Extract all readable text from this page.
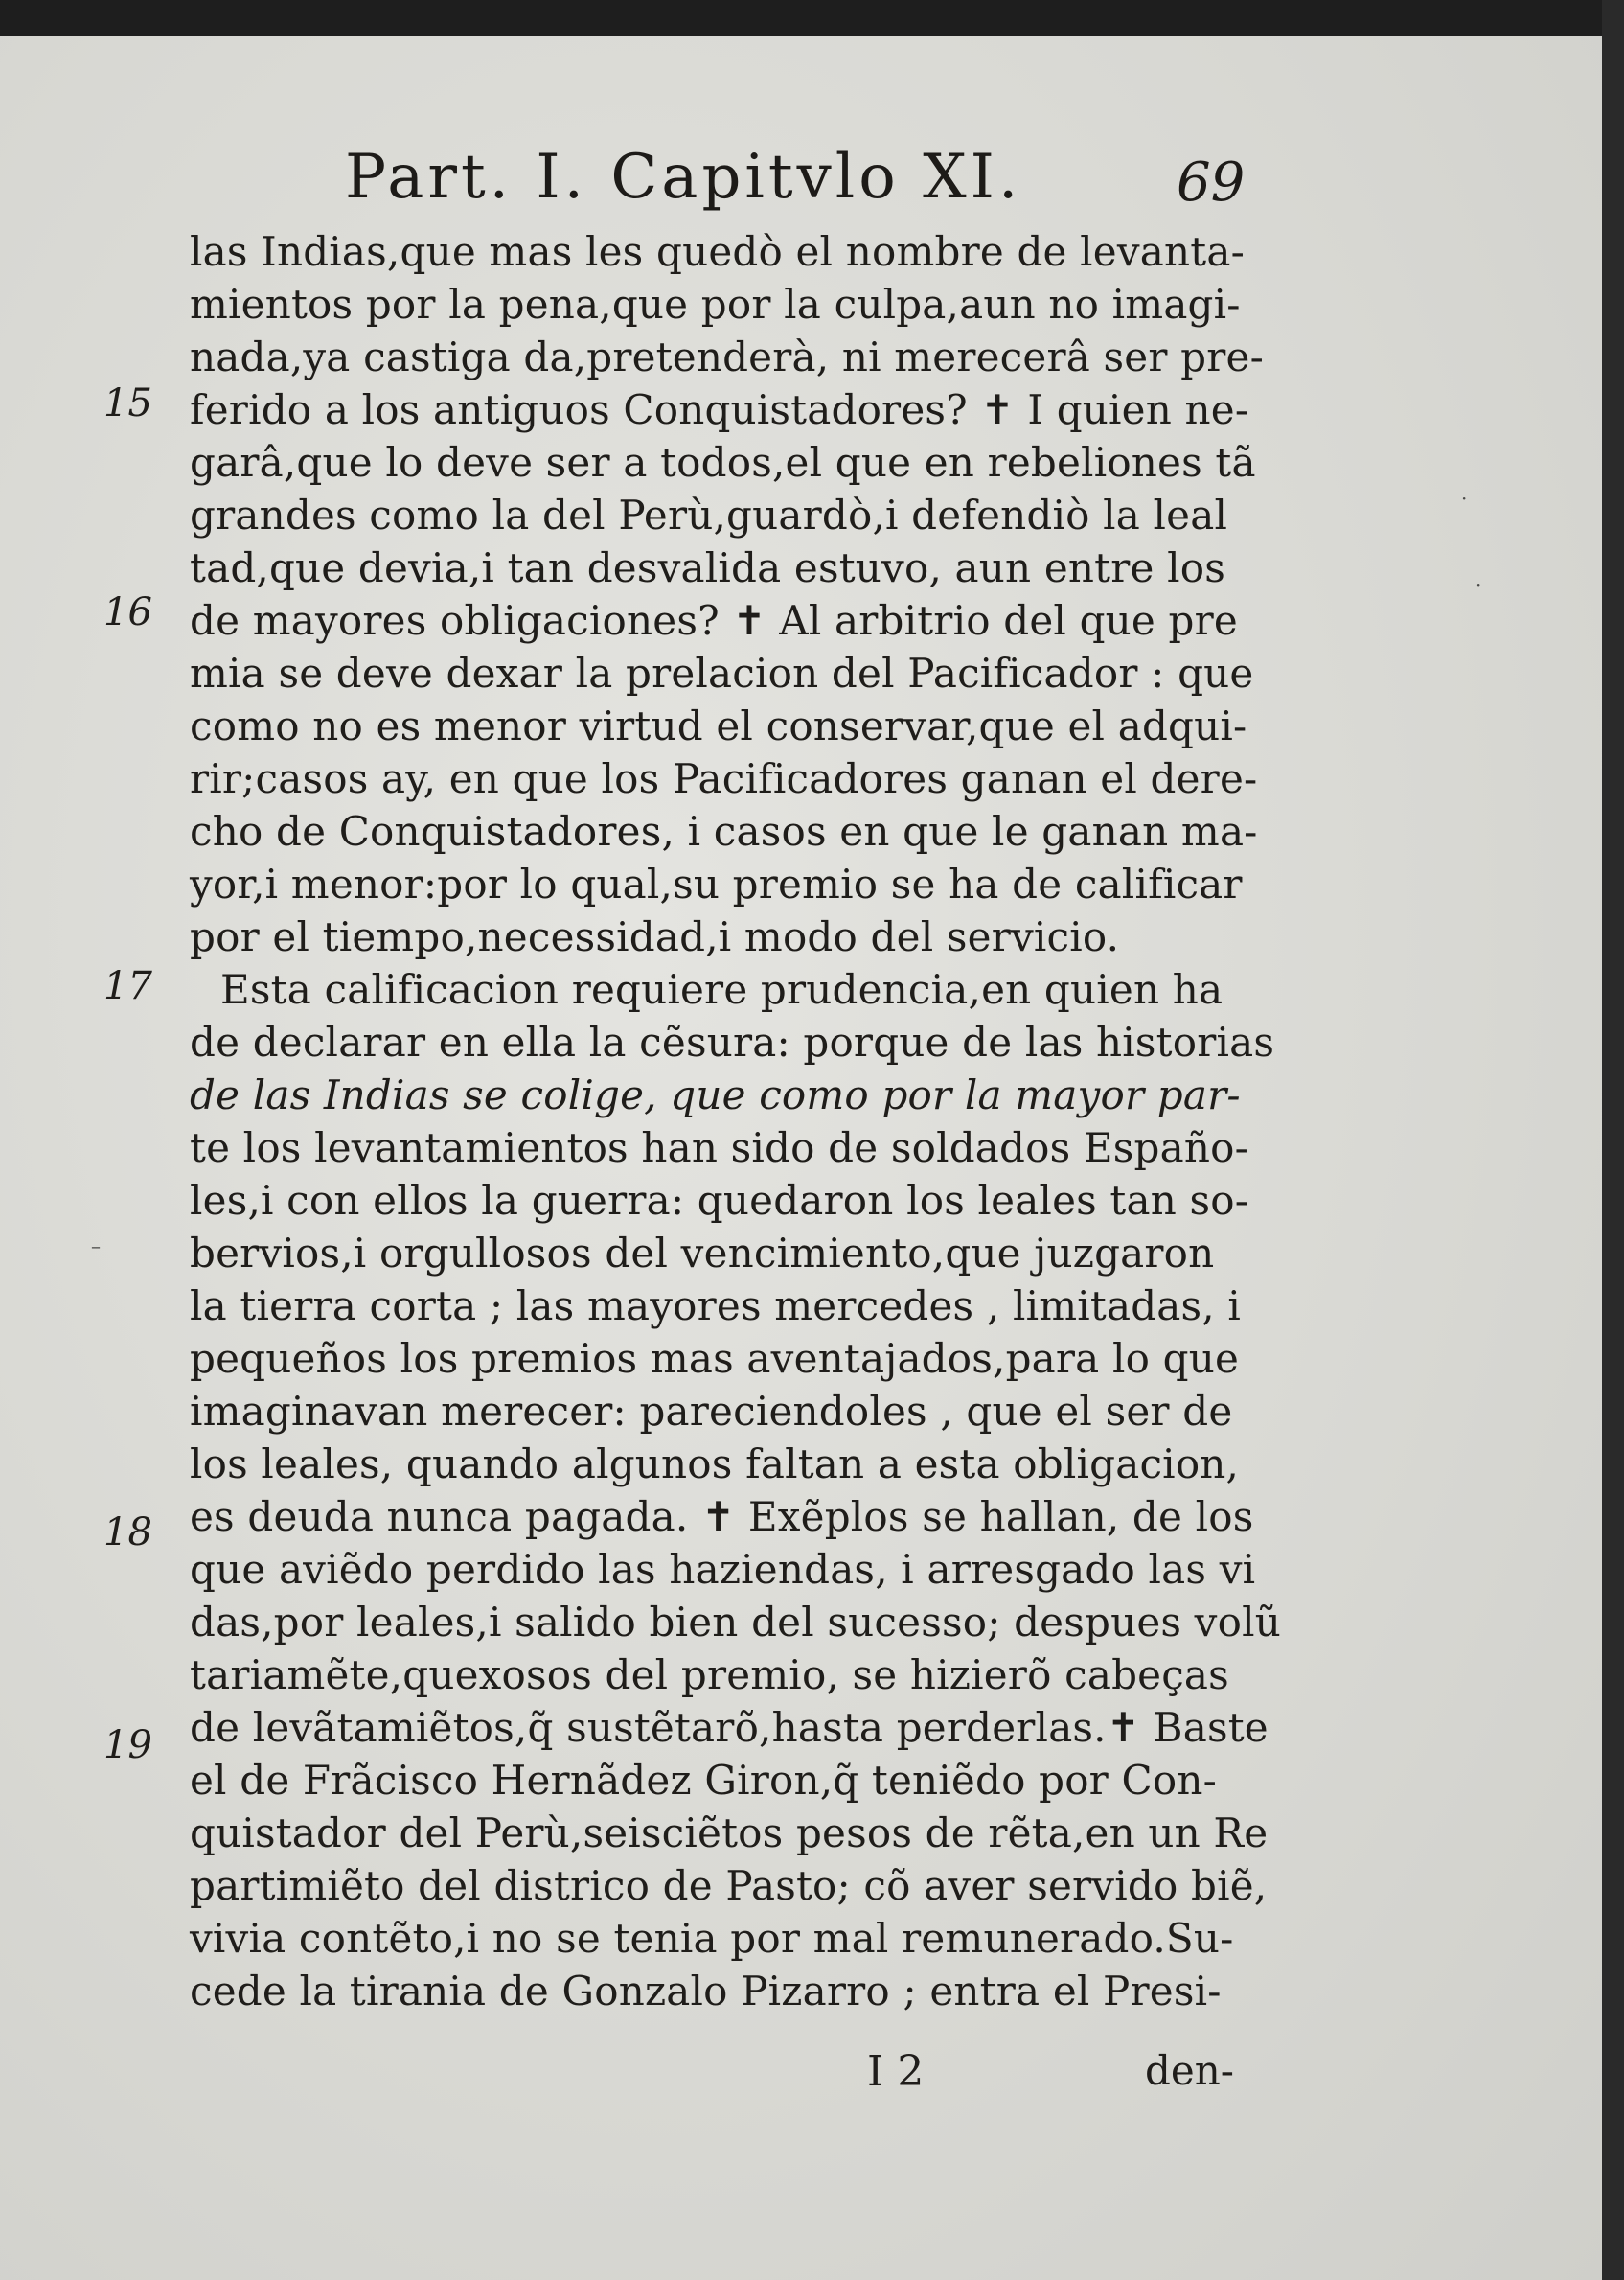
Part. I. Capitvlo XI.	69
15
16
17
18
19
las Indias,que mas les quedò el nombre de levanta-
mientos por la pena,que por la culpa,aun no imagi-
nada,ya castiga da,pretenderà, ni merecerâ ser pre-
ferido a los antiguos Conquistadores? ✝ I quien ne-
garâ,que lo deve ser a todos,el que en rebeliones tã
grandes como la del Perù,guardò,i defendiò la leal
tad,que devia,i tan desvalida estuvo, aun entre los
de mayores obligaciones? ✝ Al arbitrio del que pre
mia se deve dexar la prelacion del Pacificador : que
como no es menor virtud el conservar,que el adqui-
rir;casos ay, en que los Pacificadores ganan el dere-
cho de Conquistadores, i casos en que le ganan ma-
yor,i menor:por lo qual,su premio se ha de calificar
por el tiempo,necessidad,i modo del servicio.
Esta calificacion requiere prudencia,en quien ha
de declarar en ella la cẽsura: porque de las historias
de las Indias se colige, que como por la mayor par-
te los levantamientos han sido de soldados Españo-
les,i con ellos la guerra: quedaron los leales tan so-
bervios,i orgullosos del vencimiento,que juzgaron
la tierra corta ; las mayores mercedes , limitadas, i
pequeños los premios mas aventajados,para lo que
imaginavan merecer: pareciendoles , que el ser de
los leales, quando algunos faltan a esta obligacion,
es deuda nunca pagada. ✝ Exẽplos se hallan, de los
que aviẽdo perdido las haziendas, i arresgado las vi
das,por leales,i salido bien del sucesso; despues volũ
tariamẽte,quexosos del premio, se hizierõ cabeças
de levãtamiẽtos,q̃ sustẽtarõ,hasta perderlas.✝ Baste
el de Frãcisco Hernãdez Giron,q̃ teniẽdo por Con-
quistador del Perù,seisciẽtos pesos de rẽta,en un Re
partimiẽto del districo de Pasto; cõ aver servido biẽ,
vivia contẽto,i no se tenia por mal remunerado.Su-
cede la tirania de Gonzalo Pizarro ; entra el Presi-
I 2	den-
·
·
–
